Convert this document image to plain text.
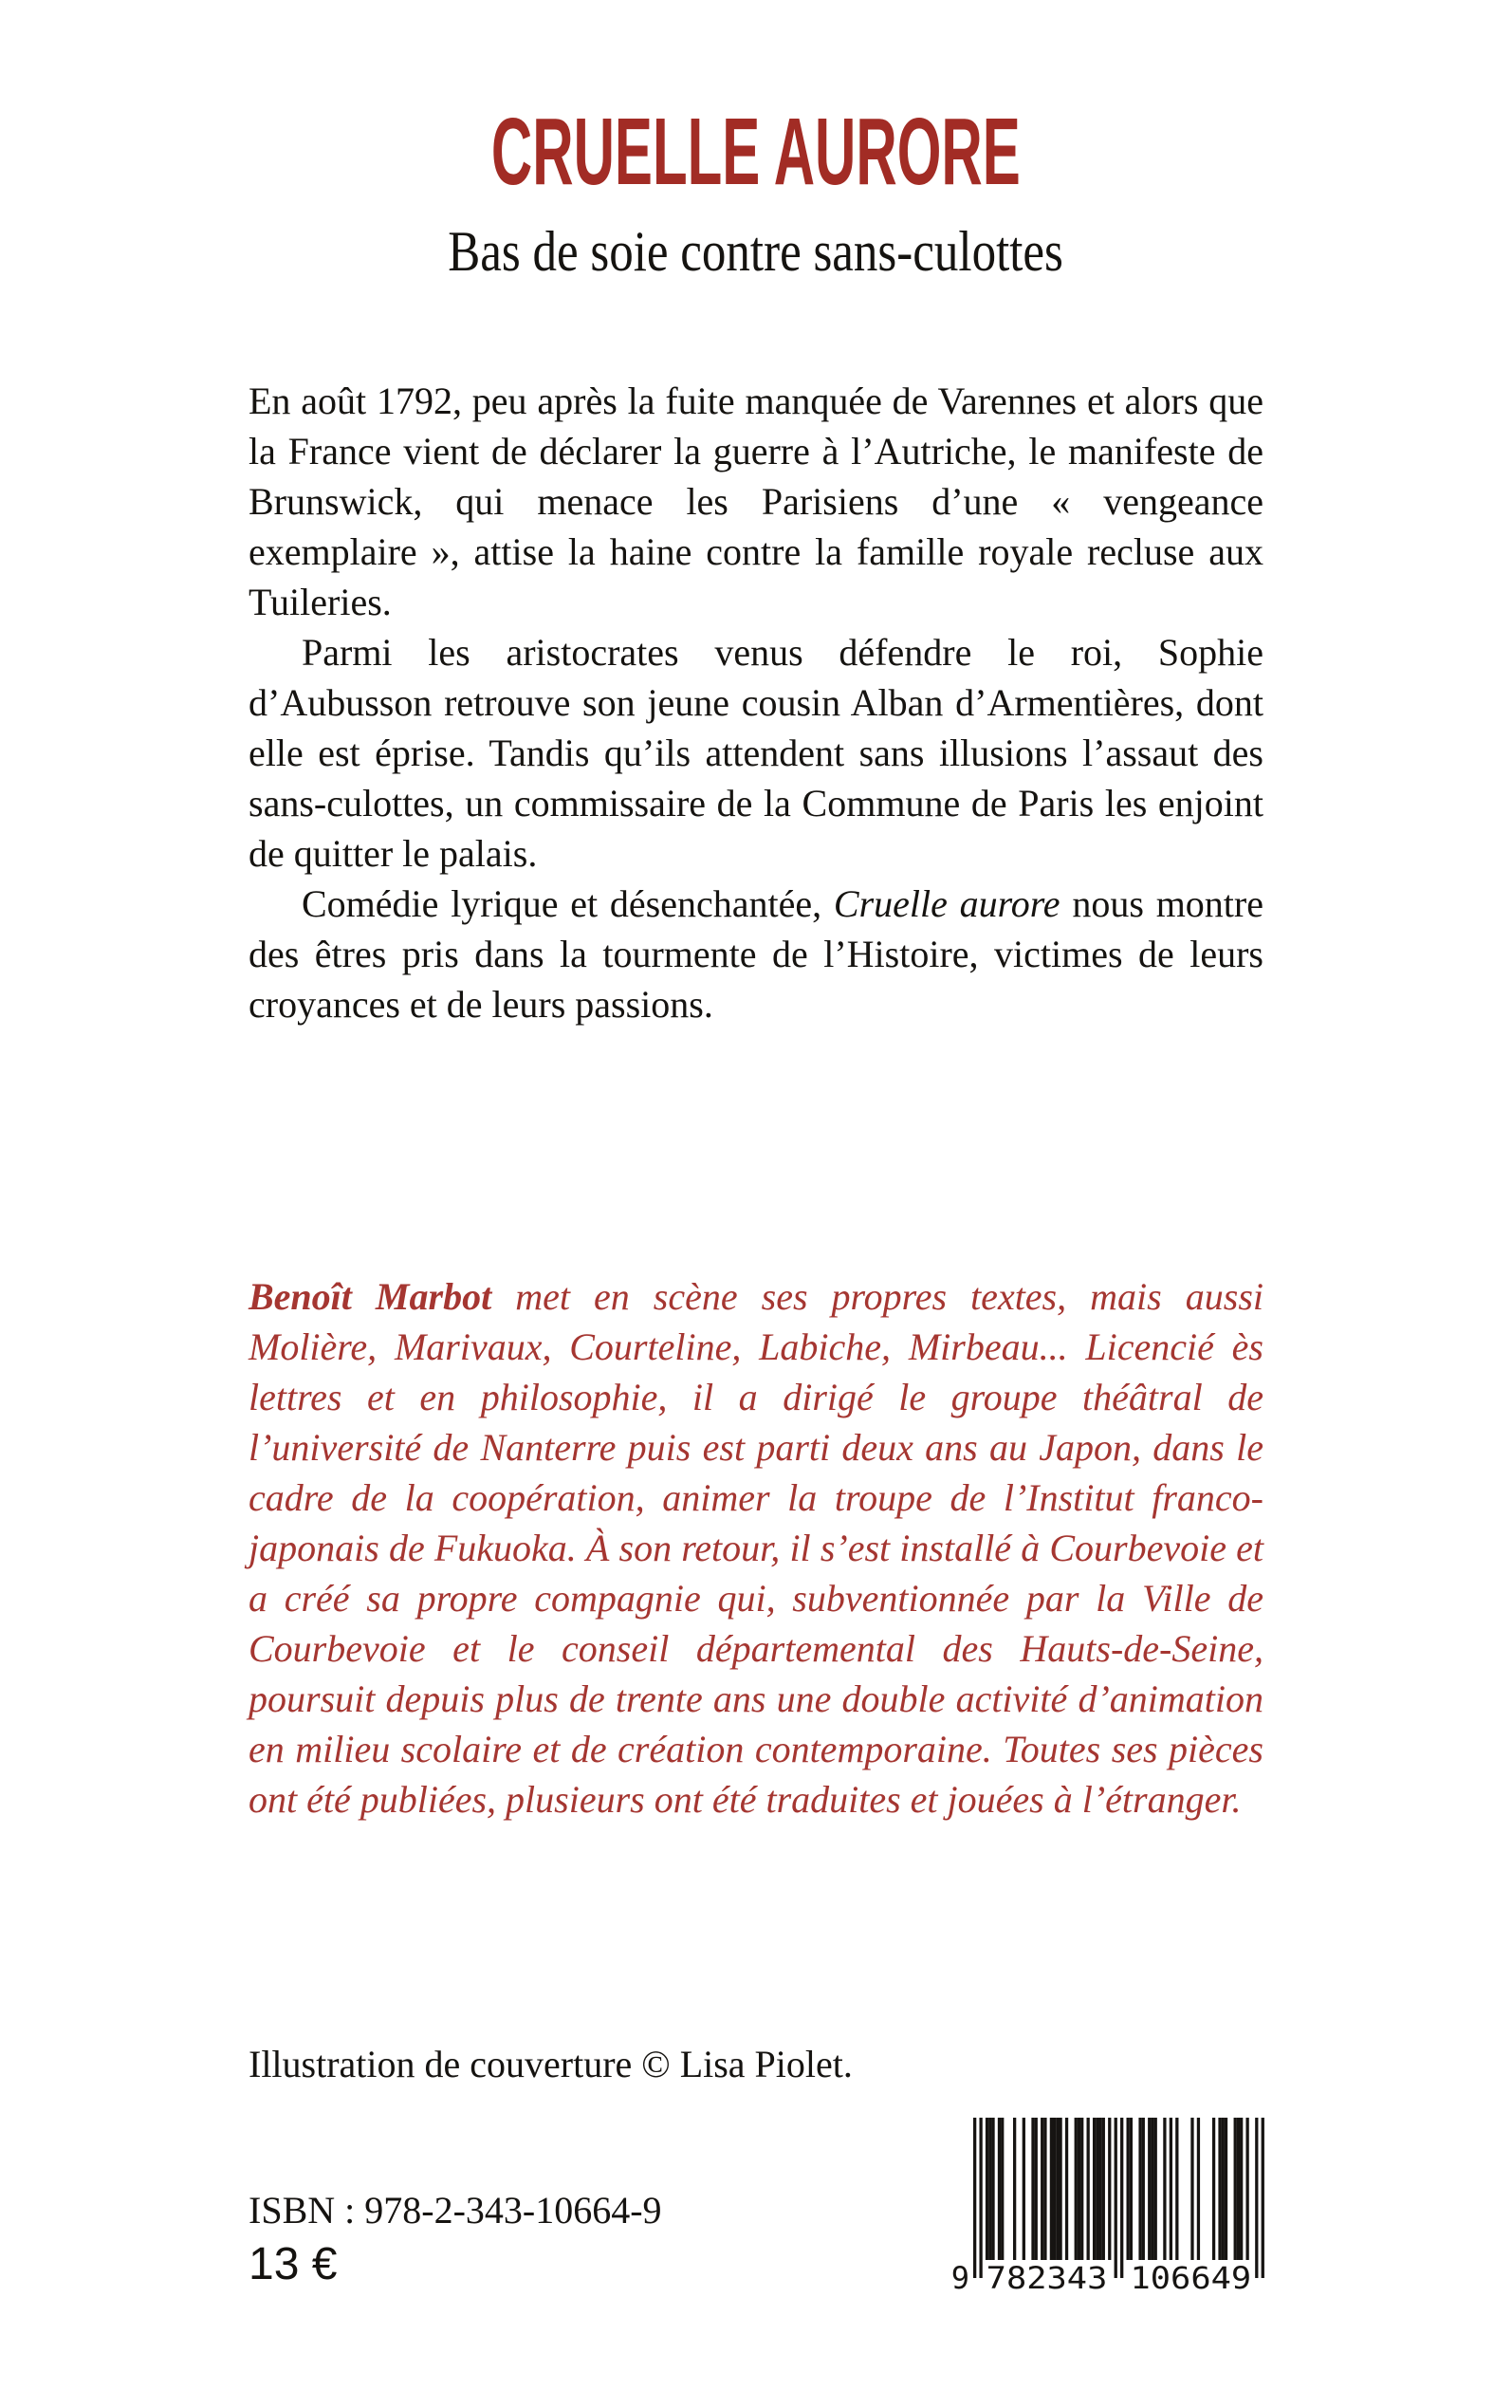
CRUELLE AURORE
Bas de soie contre sans-culottes

En août 1792, peu après la fuite manquée de Varennes et alors que la France vient de déclarer la guerre à l’Autriche, le manifeste de Brunswick, qui menace les Parisiens d’une « vengeance exemplaire », attise la haine contre la famille royale recluse aux Tuileries.

Parmi les aristocrates venus défendre le roi, Sophie d’Aubusson retrouve son jeune cousin Alban d’Armentières, dont elle est éprise. Tandis qu’ils attendent sans illusions l’assaut des sans-culottes, un commissaire de la Commune de Paris les enjoint de quitter le palais.

Comédie lyrique et désenchantée, Cruelle aurore nous montre des êtres pris dans la tourmente de l’Histoire, victimes de leurs croyances et de leurs passions.

Benoît Marbot met en scène ses propres textes, mais aussi Molière, Marivaux, Courteline, Labiche, Mirbeau... Licencié ès lettres et en philosophie, il a dirigé le groupe théâtral de l’université de Nanterre puis est parti deux ans au Japon, dans le cadre de la coopération, animer la troupe de l’Institut franco-japonais de Fukuoka. À son retour, il s’est installé à Courbevoie et a créé sa propre compagnie qui, subventionnée par la Ville de Courbevoie et le conseil départemental des Hauts-de-Seine, poursuit depuis plus de trente ans une double activité d’animation en milieu scolaire et de création contemporaine. Toutes ses pièces ont été publiées, plusieurs ont été traduites et jouées à l’étranger.

Illustration de couverture © Lisa Piolet.
ISBN : 978-2-343-10664-9
13 €	9 782343 106649
